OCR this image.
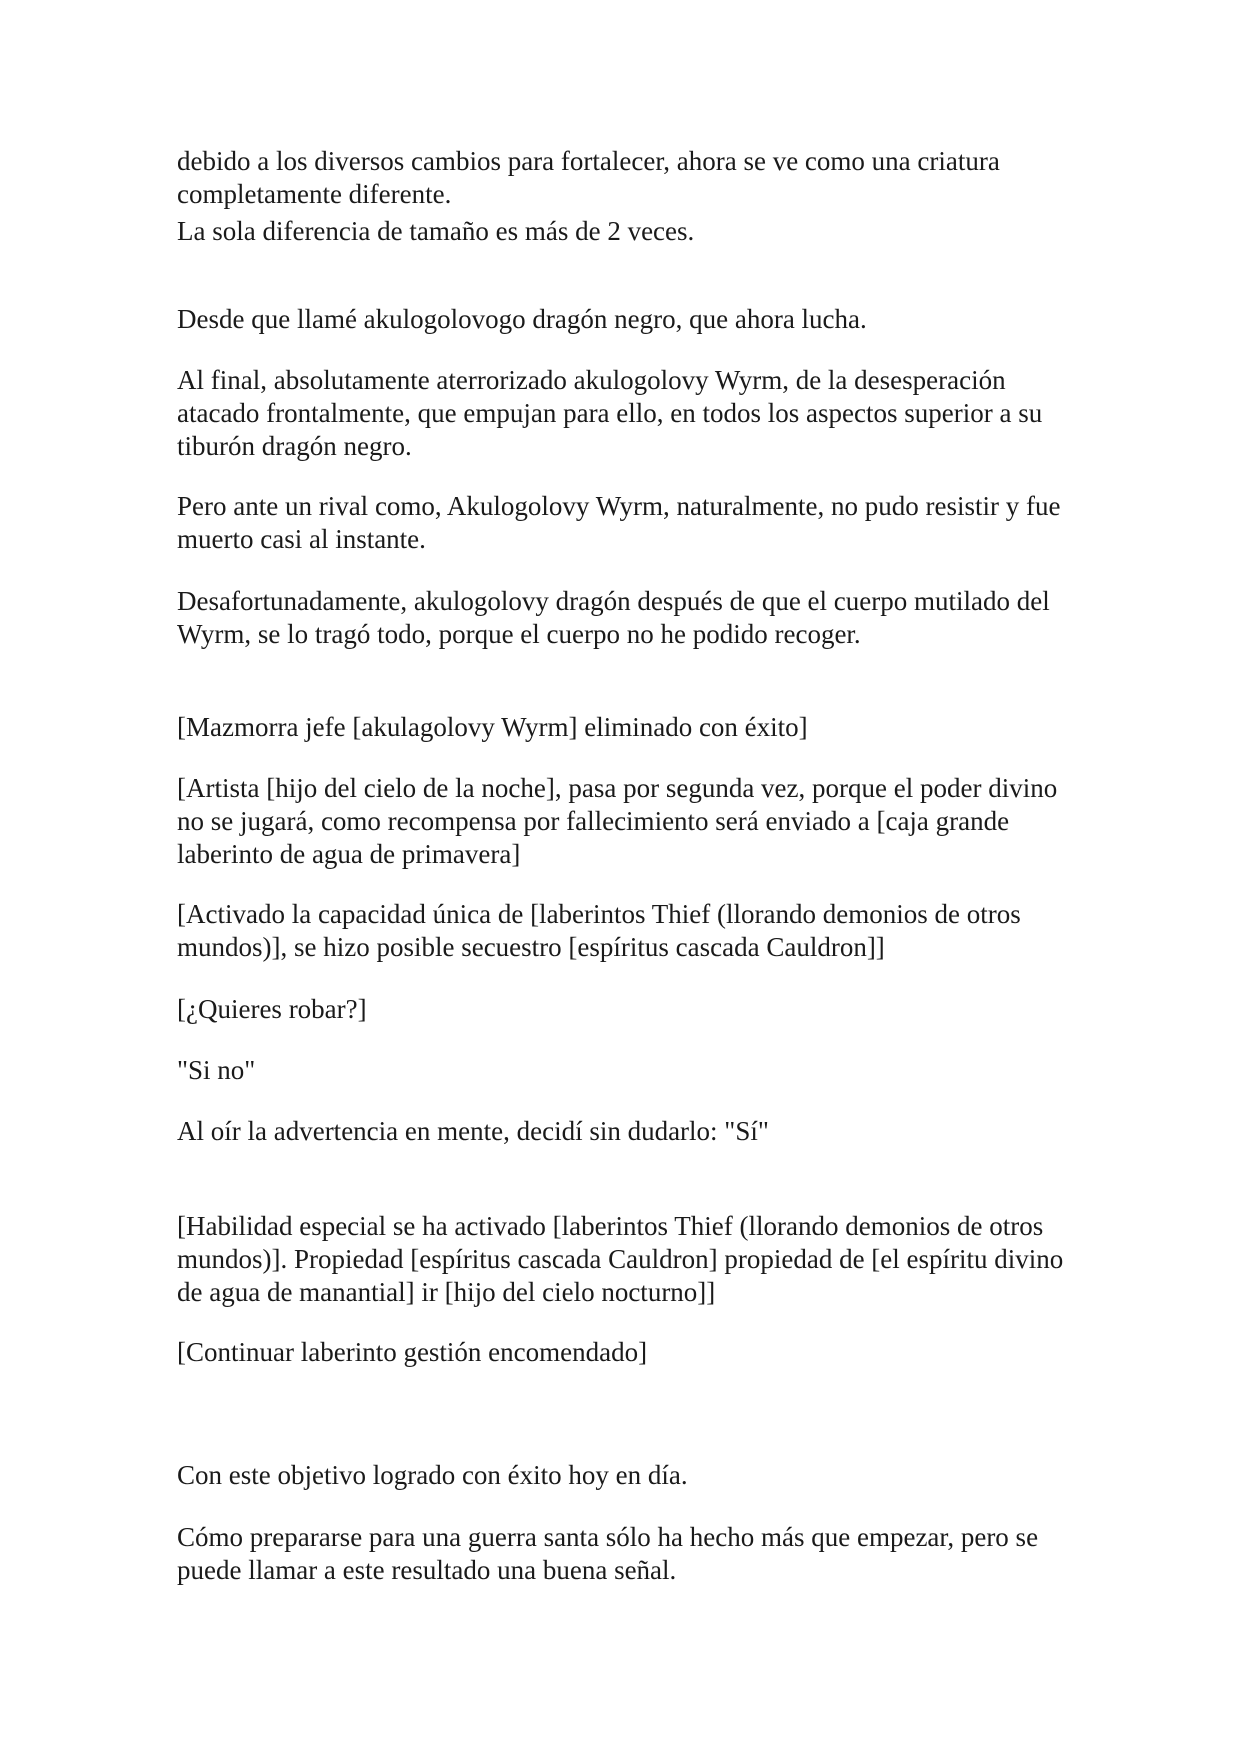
debido a los diversos cambios para fortalecer, ahora se ve como una criatura completamente diferente.

La sola diferencia de tamaño es más de 2 veces.

Desde que llamé akulogolovogo dragón negro, que ahora lucha.

Al final, absolutamente aterrorizado akulogolovy Wyrm, de la desesperación atacado frontalmente, que empujan para ello, en todos los aspectos superior a su tiburón dragón negro.

Pero ante un rival como, Akulogolovy Wyrm, naturalmente, no pudo resistir y fue muerto casi al instante.

Desafortunadamente, akulogolovy dragón después de que el cuerpo mutilado del Wyrm, se lo tragó todo, porque el cuerpo no he podido recoger.

[Mazmorra jefe [akulagolovy Wyrm] eliminado con éxito]

[Artista [hijo del cielo de la noche], pasa por segunda vez, porque el poder divino no se jugará, como recompensa por fallecimiento será enviado a [caja grande laberinto de agua de primavera]

[Activado la capacidad única de [laberintos Thief (llorando demonios de otros mundos)], se hizo posible secuestro [espíritus cascada Cauldron]]

[¿Quieres robar?]

"Si no"

Al oír la advertencia en mente, decidí sin dudarlo: "Sí"

[Habilidad especial se ha activado [laberintos Thief (llorando demonios de otros mundos)]. Propiedad [espíritus cascada Cauldron] propiedad de [el espíritu divino de agua de manantial] ir [hijo del cielo nocturno]]

[Continuar laberinto gestión encomendado]

Con este objetivo logrado con éxito hoy en día.

Cómo prepararse para una guerra santa sólo ha hecho más que empezar, pero se puede llamar a este resultado una buena señal.
